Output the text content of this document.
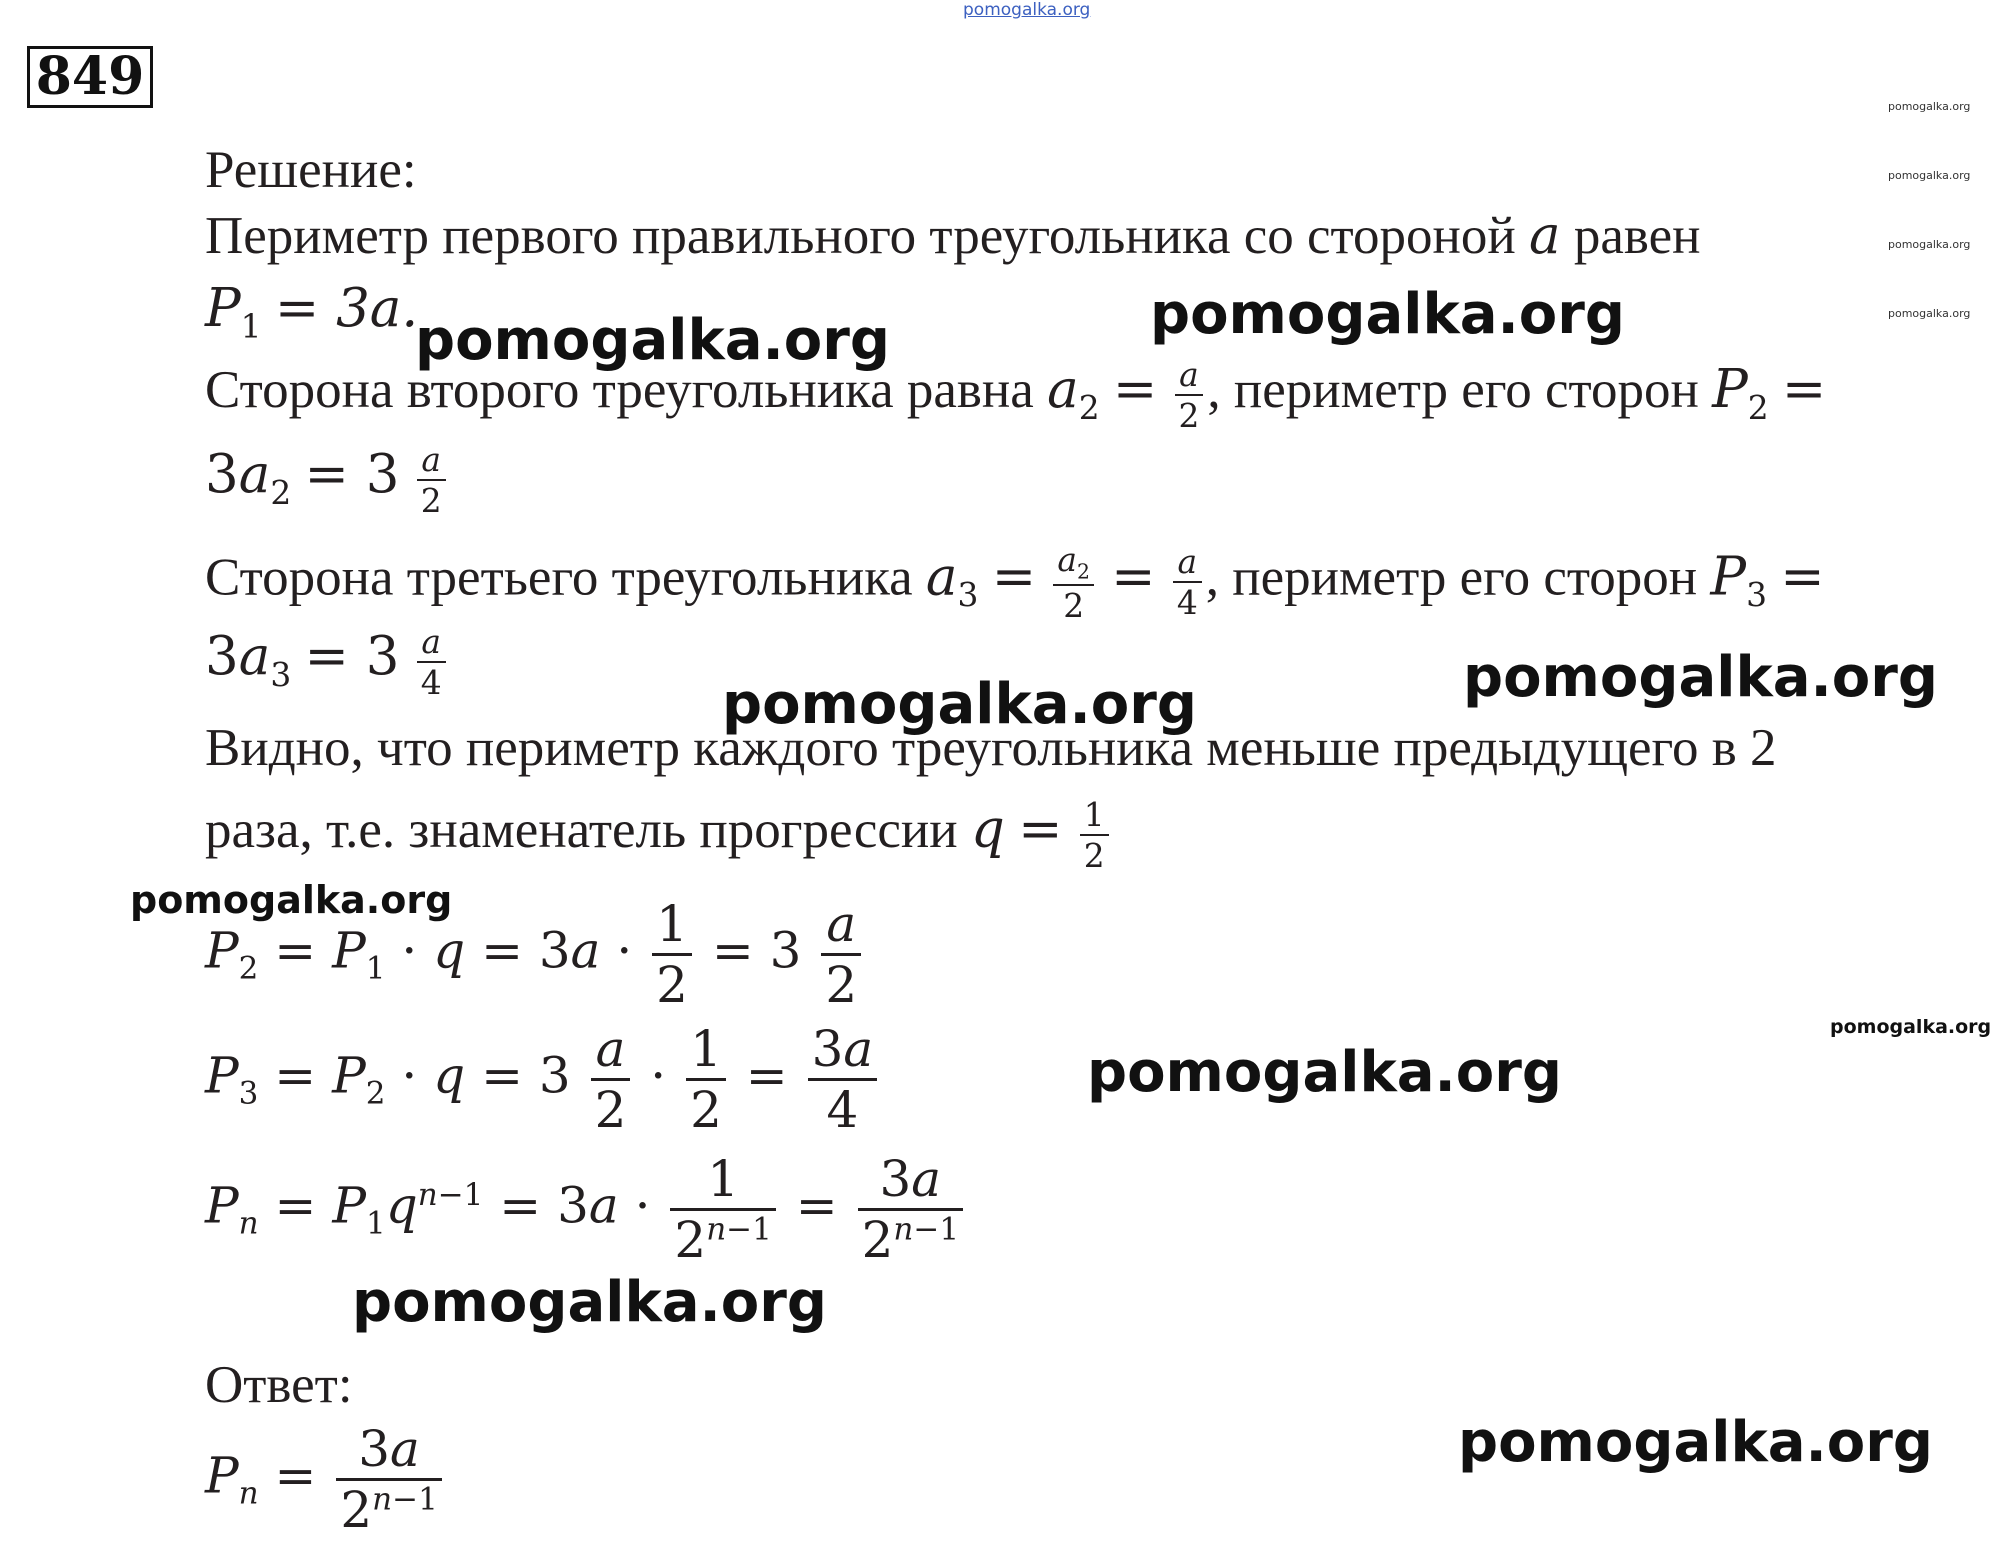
849
Решение:
Периметр первого правильного треугольника со стороной a равен
$P_1 = 3a$.
Сторона второго треугольника равна $a_2 = \frac{a}{2}$ , периметр его сторон $P_2$ =
$3a_2 = 3 \frac{a}{2}$
Сторона третьего треугольника $a_3 = \frac{a_2}{2} = \frac{a}{4}$ , периметр его сторон $P_3$ =
$3a_3 = 3 \frac{a}{4}$
Видно, что периметр каждого треугольника меньше предыдущего в 2
раза, т.е. знаменатель прогрессии $q = \frac{1}{2}$
$P_2 = P_1 \cdot q = 3a \cdot \frac{1}{2} = 3 \frac{a}{2}$
$P_3 = P_2 \cdot q = 3 \frac{a}{2} \cdot \frac{1}{2} = \frac{3a}{4}$
$P_n = P_1q^{n-1} = 3a \cdot \frac{1}{2^{n-1}} = \frac{3a}{2^{n-1}}$
Ответ:
$P_n = \frac{3a}{2^{n-1}}$
pomogalka.org
pomogalka.org
pomogalka.org
pomogalka.org
pomogalka.org
pomogalka.org
pomogalka.org
pomogalka.org
pomogalka.org
pomogalka.org
pomogalka.org
pomogalka.org
pomogalka.org
pomogalka.org
